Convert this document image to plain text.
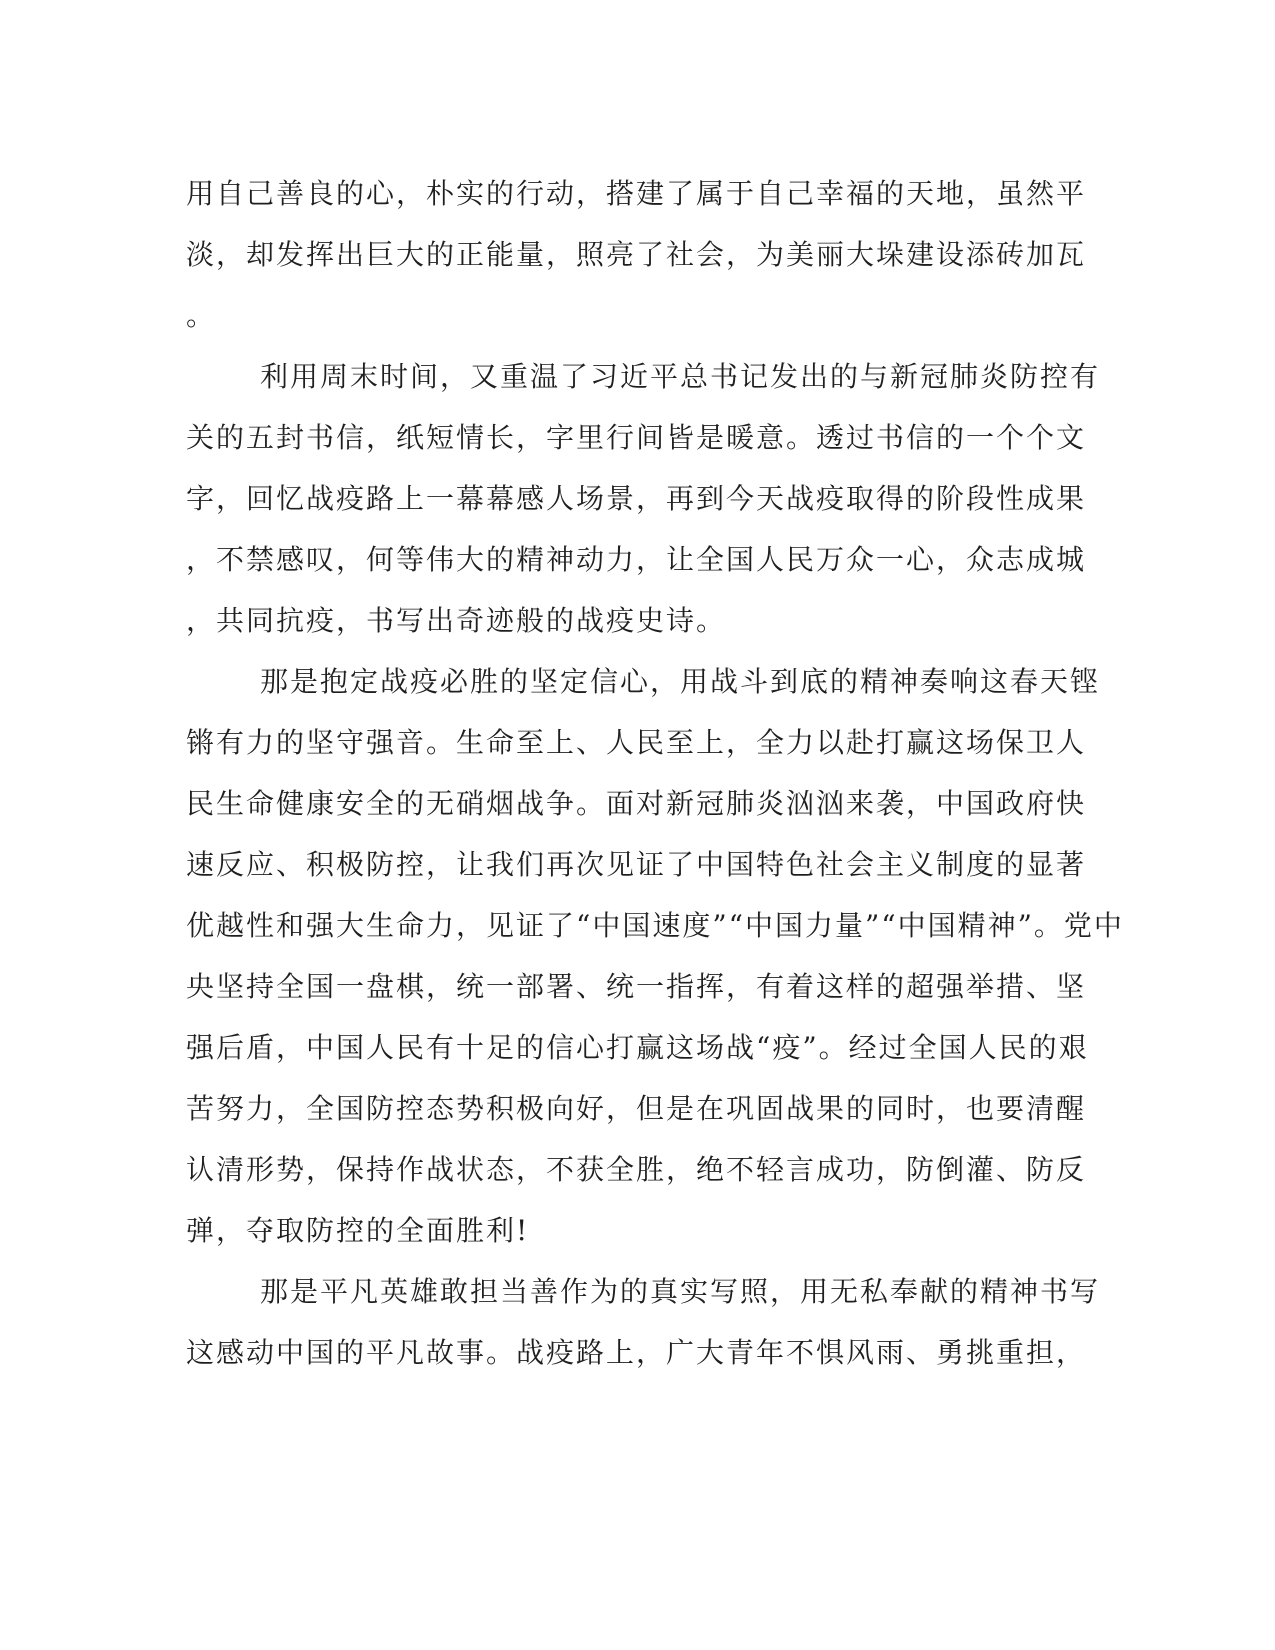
用自己善良的心，朴实的行动，搭建了属于自己幸福的天地，虽然平
淡，却发挥出巨大的正能量，照亮了社会，为美丽大垛建设添砖加瓦
。
利用周末时间，又重温了习近平总书记发出的与新冠肺炎防控有
关的五封书信，纸短情长，字里行间皆是暖意。透过书信的一个个文
字，回忆战疫路上一幕幕感人场景，再到今天战疫取得的阶段性成果
，不禁感叹，何等伟大的精神动力，让全国人民万众一心，众志成城
，共同抗疫，书写出奇迹般的战疫史诗。
那是抱定战疫必胜的坚定信心，用战斗到底的精神奏响这春天铿
锵有力的坚守强音。生命至上、人民至上，全力以赴打赢这场保卫人
民生命健康安全的无硝烟战争。面对新冠肺炎汹汹来袭，中国政府快
速反应、积极防控，让我们再次见证了中国特色社会主义制度的显著
优越性和强大生命力，见证了“中国速度”“中国力量”“中国精神”。党中
央坚持全国一盘棋，统一部署、统一指挥，有着这样的超强举措、坚
强后盾，中国人民有十足的信心打赢这场战“疫”。经过全国人民的艰
苦努力，全国防控态势积极向好，但是在巩固战果的同时，也要清醒
认清形势，保持作战状态，不获全胜，绝不轻言成功，防倒灌、防反
弹，夺取防控的全面胜利!
那是平凡英雄敢担当善作为的真实写照，用无私奉献的精神书写
这感动中国的平凡故事。战疫路上，广大青年不惧风雨、勇挑重担，
